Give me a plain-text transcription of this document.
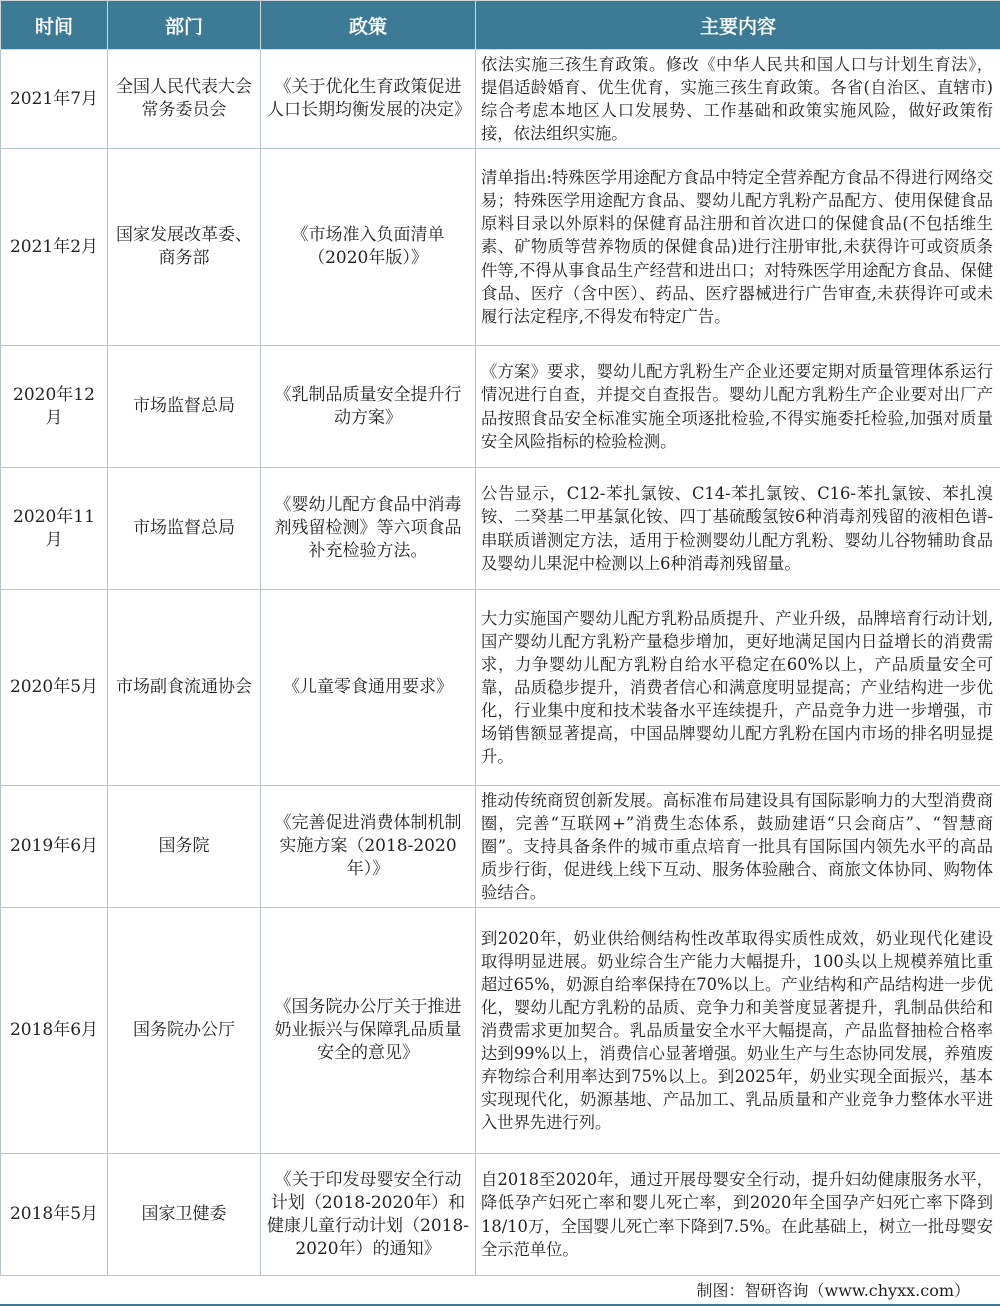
时间	部门	政策	主要内容
2021年7月	全国人民代表大会常务委员会	《关于优化生育政策促进人口长期均衡发展的决定》	依法实施三孩生育政策。修改《中华人民共和国人口与计划生育法》，提倡适龄婚育、优生优育，实施三孩生育政策。各省(自治区、直辖市)综合考虑本地区人口发展势、工作基础和政策实施风险，做好政策衔接，依法组织实施。
2021年2月	国家发展改革委、商务部	《市场准入负面清单（2020年版）》	清单指出:特殊医学用途配方食品中特定全营养配方食品不得进行网络交易；特殊医学用途配方食品、婴幼儿配方乳粉产品配方、使用保健食品原料目录以外原料的保健育品注册和首次进口的保健食品(不包括维生素、矿物质等营养物质的保健食品)进行注册审批,未获得许可或资质条件等,不得从事食品生产经营和进出口；对特殊医学用途配方食品、保健食品、医疗（含中医）、药品、医疗器械进行广告审查,未获得许可或未履行法定程序,不得发布特定广告。
2020年12月	市场监督总局	《乳制品质量安全提升行动方案》	《方案》要求，婴幼儿配方乳粉生产企业还要定期对质量管理体系运行情况进行自查，并提交自查报告。婴幼儿配方乳粉生产企业要对出厂产品按照食品安全标准实施全项逐批检验,不得实施委托检验,加强对质量安全风险指标的检验检测。
2020年11月	市场监督总局	《婴幼儿配方食品中消毒剂残留检测》等六项食品补充检验方法。	公告显示，C12-苯扎氯铵、C14-苯扎氯铵、C16-苯扎氯铵、苯扎溴铵、二癸基二甲基氯化铵、四丁基硫酸氢铵6种消毒剂残留的液相色谱-串联质谱测定方法，适用于检测婴幼儿配方乳粉、婴幼儿谷物辅助食品及婴幼儿果泥中检测以上6种消毒剂残留量。
2020年5月	市场副食流通协会	《儿童零食通用要求》	大力实施国产婴幼儿配方乳粉品质提升、产业升级，品牌培育行动计划,国产婴幼儿配方乳粉产量稳步增加，更好地满足国内日益增长的消费需求，力争婴幼儿配方乳粉自给水平稳定在60%以上，产品质量安全可靠，品质稳步提升，消费者信心和满意度明显提高；产业结构进一步优化，行业集中度和技术装备水平连续提升，产品竞争力进一步增强，市场销售额显著提高，中国品牌婴幼儿配方乳粉在国内市场的排名明显提升。
2019年6月	国务院	《完善促进消费体制机制实施方案（2018-2020年）》	推动传统商贸创新发展。高标准布局建设具有国际影响力的大型消费商圈，完善“互联网+”消费生态体系，鼓励建语“只会商店”、“智慧商圈”。支持具备条件的城市重点培育一批具有国际国内领先水平的高品质步行街，促进线上线下互动、服务体验融合、商旅文体协同、购物体验结合。
2018年6月	国务院办公厅	《国务院办公厅关于推进奶业振兴与保障乳品质量安全的意见》	到2020年，奶业供给侧结构性改革取得实质性成效，奶业现代化建设取得明显进展。奶业综合生产能力大幅提升，100头以上规模养殖比重超过65%，奶源自给率保持在70%以上。产业结构和产品结构进一步优化，婴幼儿配方乳粉的品质、竞争力和美誉度显著提升，乳制品供给和消费需求更加契合。乳品质量安全水平大幅提高，产品监督抽检合格率达到99%以上，消费信心显著增强。奶业生产与生态协同发展，养殖废弃物综合利用率达到75%以上。到2025年，奶业实现全面振兴，基本实现现代化，奶源基地、产品加工、乳品质量和产业竞争力整体水平进入世界先进行列。
2018年5月	国家卫健委	《关于印发母婴安全行动计划（2018-2020年）和健康儿童行动计划（2018-2020年）的通知》	自2018至2020年，通过开展母婴安全行动，提升妇幼健康服务水平，降低孕产妇死亡率和婴儿死亡率，到2020年全国孕产妇死亡率下降到18/10万，全国婴儿死亡率下降到7.5%。在此基础上，树立一批母婴安全示范单位。
制图：智研咨询（www.chyxx.com）
